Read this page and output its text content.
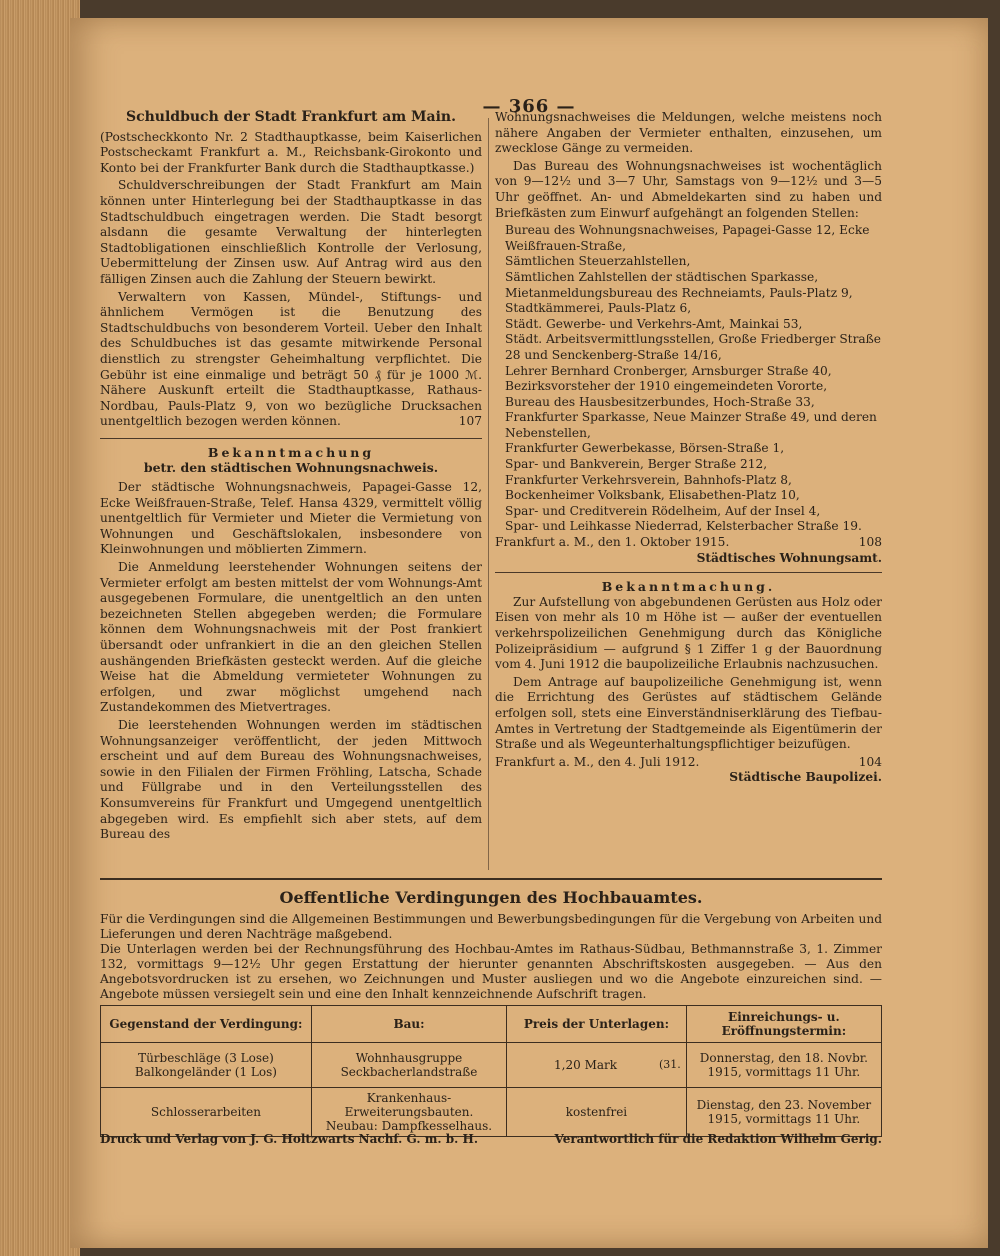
— 366 —
Schuldbuch der Stadt Frankfurt am Main.

(Postscheckkonto Nr. 2 Stadthauptkasse, beim Kaiserlichen Postscheckamt Frankfurt a. M., Reichsbank-Girokonto und Konto bei der Frankfurter Bank durch die Stadthauptkasse.)

Schuldverschreibungen der Stadt Frankfurt am Main können unter Hinterlegung bei der Stadthauptkasse in das Stadtschuldbuch eingetragen werden. Die Stadt besorgt alsdann die gesamte Verwaltung der hinterlegten Stadtobligationen einschließlich Kontrolle der Verlosung, Uebermittelung der Zinsen usw. Auf Antrag wird aus den fälligen Zinsen auch die Zahlung der Steuern bewirkt.

Verwaltern von Kassen, Mündel-, Stiftungs- und ähnlichem Vermögen ist die Benutzung des Stadtschuldbuchs von besonderem Vorteil. Ueber den Inhalt des Schuldbuches ist das gesamte mitwirkende Personal dienstlich zu strengster Geheimhaltung verpflichtet. Die Gebühr ist eine einmalige und beträgt 50 ₰ für je 1000 ℳ. Nähere Auskunft erteilt die Stadthauptkasse, Rathaus-Nordbau, Pauls-Platz 9, von wo bezügliche Drucksachen unentgeltlich bezogen werden können.	107

Bekanntmachung
betr. den städtischen Wohnungsnachweis.

Der städtische Wohnungsnachweis, Papagei-Gasse 12, Ecke Weißfrauen-Straße, Telef. Hansa 4329, vermittelt völlig unentgeltlich für Vermieter und Mieter die Vermietung von Wohnungen und Geschäftslokalen, insbesondere von Kleinwohnungen und möblierten Zimmern.

Die Anmeldung leerstehender Wohnungen seitens der Vermieter erfolgt am besten mittelst der vom Wohnungs-Amt ausgegebenen Formulare, die unentgeltlich an den unten bezeichneten Stellen abgegeben werden; die Formulare können dem Wohnungsnachweis mit der Post frankiert übersandt oder unfrankiert in die an den gleichen Stellen aushängenden Briefkästen gesteckt werden. Auf die gleiche Weise hat die Abmeldung vermieteter Wohnungen zu erfolgen, und zwar möglichst umgehend nach Zustandekommen des Mietvertrages.

Die leerstehenden Wohnungen werden im städtischen Wohnungsanzeiger veröffentlicht, der jeden Mittwoch erscheint und auf dem Bureau des Wohnungsnachweises, sowie in den Filialen der Firmen Fröhling, Latscha, Schade und Füllgrabe und in den Verteilungsstellen des Konsumvereins für Frankfurt und Umgegend unentgeltlich abgegeben wird. Es empfiehlt sich aber stets, auf dem Bureau des

Wohnungsnachweises die Meldungen, welche meistens noch nähere Angaben der Vermieter enthalten, einzusehen, um zwecklose Gänge zu vermeiden.

Das Bureau des Wohnungsnachweises ist wochentäglich von 9—12½ und 3—7 Uhr, Samstags von 9—12½ und 3—5 Uhr geöffnet. An- und Abmeldekarten sind zu haben und Briefkästen zum Einwurf aufgehängt an folgenden Stellen:

Bureau des Wohnungsnachweises, Papagei-Gasse 12, Ecke Weißfrauen-Straße,
Sämtlichen Steuerzahlstellen,
Sämtlichen Zahlstellen der städtischen Sparkasse,
Mietanmeldungsbureau des Rechneiamts, Pauls-Platz 9,
Stadtkämmerei, Pauls-Platz 6,
Städt. Gewerbe- und Verkehrs-Amt, Mainkai 53,
Städt. Arbeitsvermittlungsstellen, Große Friedberger Straße 28 und Senckenberg-Straße 14/16,
Lehrer Bernhard Cronberger, Arnsburger Straße 40,
Bezirksvorsteher der 1910 eingemeindeten Vororte,
Bureau des Hausbesitzerbundes, Hoch-Straße 33,
Frankfurter Sparkasse, Neue Mainzer Straße 49, und deren Nebenstellen,
Frankfurter Gewerbekasse, Börsen-Straße 1,
Spar- und Bankverein, Berger Straße 212,
Frankfurter Verkehrsverein, Bahnhofs-Platz 8,
Bockenheimer Volksbank, Elisabethen-Platz 10,
Spar- und Creditverein Rödelheim, Auf der Insel 4,
Spar- und Leihkasse Niederrad, Kelsterbacher Straße 19.
Frankfurt a. M., den 1. Oktober 1915.	108
Städtisches Wohnungsamt.
Bekanntmachung.

Zur Aufstellung von abgebundenen Gerüsten aus Holz oder Eisen von mehr als 10 m Höhe ist — außer der eventuellen verkehrspolizeilichen Genehmigung durch das Königliche Polizeipräsidium — aufgrund § 1 Ziffer 1 g der Bauordnung vom 4. Juni 1912 die baupolizeiliche Erlaubnis nachzusuchen.

Dem Antrage auf baupolizeiliche Genehmigung ist, wenn die Errichtung des Gerüstes auf städtischem Gelände erfolgen soll, stets eine Einverständniserklärung des Tiefbau-Amtes in Vertretung der Stadtgemeinde als Eigentümerin der Straße und als Wegeunterhaltungspflichtiger beizufügen.

Frankfurt a. M., den 4. Juli 1912.	104
Städtische Baupolizei.
Oeffentliche Verdingungen des Hochbauamtes.

Für die Verdingungen sind die Allgemeinen Bestimmungen und Bewerbungsbedingungen für die Vergebung von Arbeiten und Lieferungen und deren Nachträge maßgebend.

Die Unterlagen werden bei der Rechnungsführung des Hochbau-Amtes im Rathaus-Südbau, Bethmannstraße 3, 1. Zimmer 132, vormittags 9—12½ Uhr gegen Erstattung der hierunter genannten Abschriftskosten ausgegeben. — Aus den Angebotsvordrucken ist zu ersehen, wo Zeichnungen und Muster ausliegen und wo die Angebote einzureichen sind. — Angebote müssen versiegelt sein und eine den Inhalt kennzeichnende Aufschrift tragen.

Gegenstand der Verdingung:	Bau:	Preis der Unterlagen:	Einreichungs- u. Eröffnungstermin:
Türbeschläge (3 Lose) Balkongeländer (1 Los)	Wohnhausgruppe Seckbacherlandstraße	1,20 Mark (31.	Donnerstag, den 18. Novbr. 1915, vormittags 11 Uhr.
Schlosserarbeiten	Krankenhaus-Erweiterungsbauten. Neubau: Dampfkesselhaus.	kostenfrei	Dienstag, den 23. November 1915, vormittags 11 Uhr.
Druck und Verlag von J. G. Holtzwarts Nachf. G. m. b. H.	Verantwortlich für die Redaktion Wilhelm Gerig.
